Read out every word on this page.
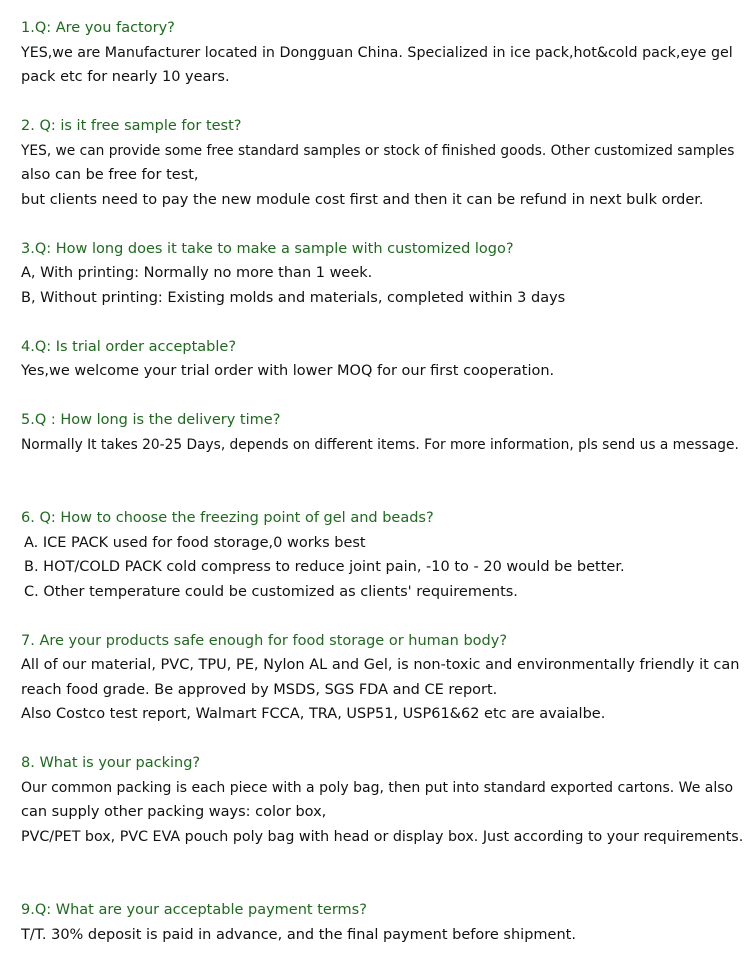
1.Q: Are you factory?
YES,we are Manufacturer located in Dongguan China. Specialized in ice pack,hot&cold pack,eye gel
pack etc for nearly 10 years.
2. Q: is it free sample for test?
YES, we can provide some free standard samples or stock of finished goods. Other customized samples
also can be free for test,
but clients need to pay the new module cost first and then it can be refund in next bulk order.
3.Q: How long does it take to make a sample with customized logo?
A, With printing: Normally no more than 1 week.
B, Without printing: Existing molds and materials, completed within 3 days
4.Q: Is trial order acceptable?
Yes,we welcome your trial order with lower MOQ for our first cooperation.
5.Q : How long is the delivery time?
Normally It takes 20-25 Days, depends on different items. For more information, pls send us a message.
6. Q: How to choose the freezing point of gel and beads?
A. ICE PACK used for food storage,0 works best
B. HOT/COLD PACK cold compress to reduce joint pain, -10 to - 20 would be better.
C. Other temperature could be customized as clients' requirements.
7. Are your products safe enough for food storage or human body?
All of our material, PVC, TPU, PE, Nylon AL and Gel, is non-toxic and environmentally friendly it can
reach food grade. Be approved by MSDS, SGS FDA and CE report.
Also Costco test report, Walmart FCCA, TRA, USP51, USP61&62 etc are avaialbe.
8. What is your packing?
Our common packing is each piece with a poly bag, then put into standard exported cartons. We also
can supply other packing ways: color box,
PVC/PET box, PVC EVA pouch poly bag with head or display box. Just according to your requirements.
9.Q: What are your acceptable payment terms?
T/T. 30% deposit is paid in advance, and the final payment before shipment.
